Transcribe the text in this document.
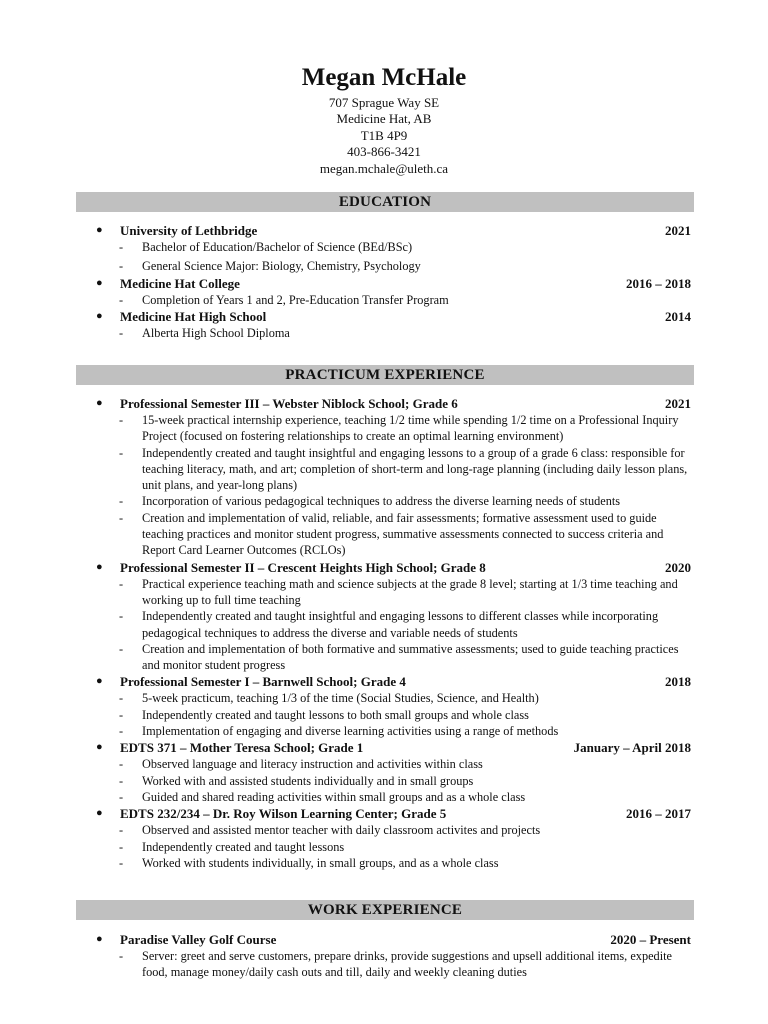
Megan McHale
707 Sprague Way SE
Medicine Hat, AB
T1B 4P9
403-866-3421
megan.mchale@uleth.ca
EDUCATION
● University of Lethbridge	2021
- Bachelor of Education/Bachelor of Science (BEd/BSc)
- General Science Major: Biology, Chemistry, Psychology
● Medicine Hat College	2016 – 2018
- Completion of Years 1 and 2, Pre-Education Transfer Program
● Medicine Hat High School	2014
- Alberta High School Diploma
PRACTICUM EXPERIENCE
● Professional Semester III – Webster Niblock School; Grade 6	2021
- 15-week practical internship experience, teaching 1/2 time while spending 1/2 time on a Professional Inquiry Project (focused on fostering relationships to create an optimal learning environment)
- Independently created and taught insightful and engaging lessons to a group of a grade 6 class: responsible for teaching literacy, math, and art; completion of short-term and long-rage planning (including daily lesson plans, unit plans, and year-long plans)
- Incorporation of various pedagogical techniques to address the diverse learning needs of students
- Creation and implementation of valid, reliable, and fair assessments; formative assessment used to guide teaching practices and monitor student progress, summative assessments connected to success criteria and Report Card Learner Outcomes (RCLOs)
● Professional Semester II – Crescent Heights High School; Grade 8	2020
- Practical experience teaching math and science subjects at the grade 8 level; starting at 1/3 time teaching and working up to full time teaching
- Independently created and taught insightful and engaging lessons to different classes while incorporating pedagogical techniques to address the diverse and variable needs of students
- Creation and implementation of both formative and summative assessments; used to guide teaching practices and monitor student progress
● Professional Semester I – Barnwell School; Grade 4	2018
- 5-week practicum, teaching 1/3 of the time (Social Studies, Science, and Health)
- Independently created and taught lessons to both small groups and whole class
- Implementation of engaging and diverse learning activities using a range of methods
● EDTS 371 – Mother Teresa School; Grade 1	January – April 2018
- Observed language and literacy instruction and activities within class
- Worked with and assisted students individually and in small groups
- Guided and shared reading activities within small groups and as a whole class
● EDTS 232/234 – Dr. Roy Wilson Learning Center; Grade 5	2016 – 2017
- Observed and assisted mentor teacher with daily classroom activites and projects
- Independently created and taught lessons
- Worked with students individually, in small groups, and as a whole class
WORK EXPERIENCE
● Paradise Valley Golf Course	2020 – Present
- Server: greet and serve customers, prepare drinks, provide suggestions and upsell additional items, expedite food, manage money/daily cash outs and till, daily and weekly cleaning duties
